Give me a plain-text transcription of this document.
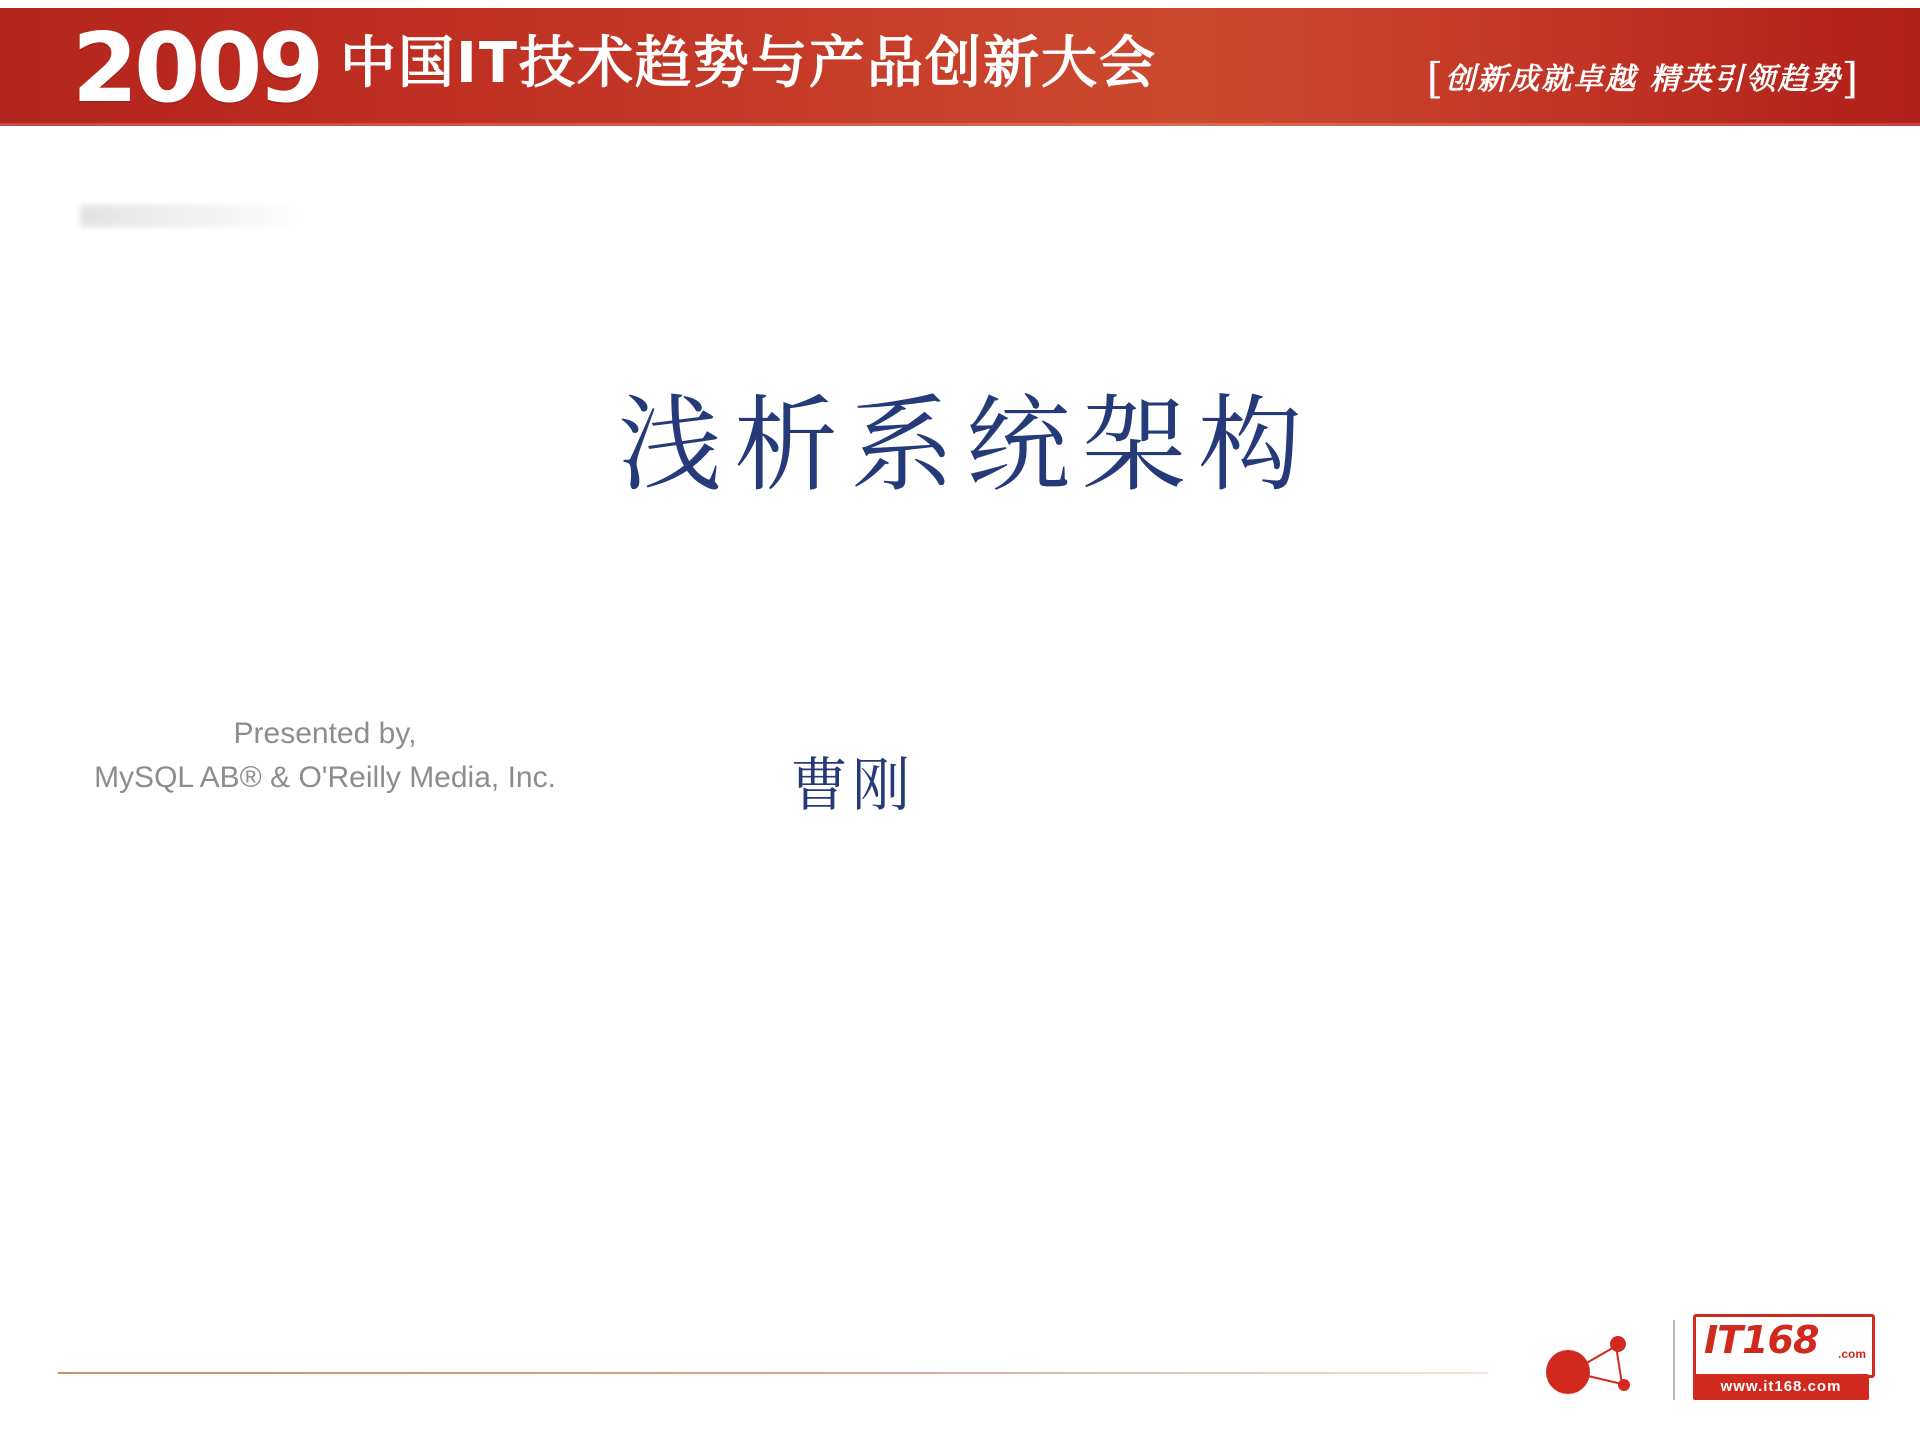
2009 中国IT技术趋势与产品创新大会	[创新成就卓越 精英引领趋势]
浅析系统架构
Presented by,
MySQL AB® & O'Reilly Media, Inc.	曹刚
IT168 .com
www.it168.com
